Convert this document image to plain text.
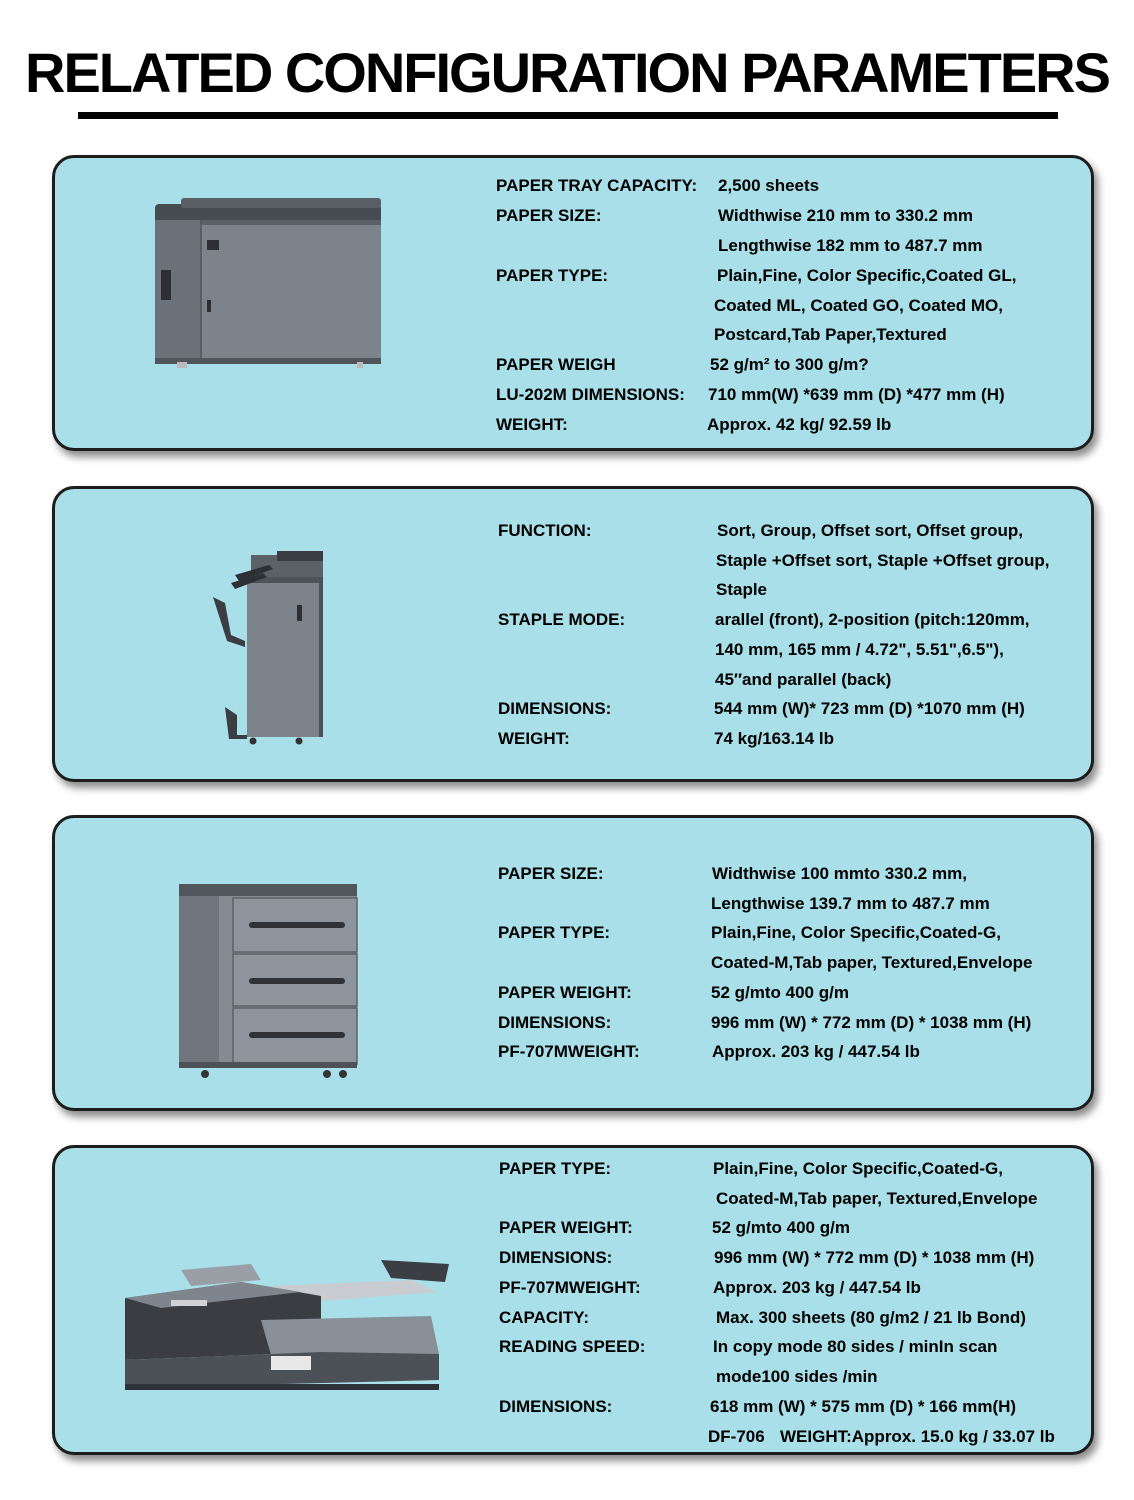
RELATED CONFIGURATION PARAMETERS
PAPER TRAY CAPACITY: 2,500 sheets
PAPER SIZE:	Widthwise 210 mm to 330.2 mm
Lengthwise 182 mm to 487.7 mm
PAPER TYPE:	Plain,Fine, Color Specific,Coated GL,
Coated ML, Coated GO, Coated MO,
Postcard,Tab Paper,Textured
PAPER WEIGH	52 g/m² to 300 g/m?
LU-202M DIMENSIONS: 710 mm(W) *639 mm (D) *477 mm (H)
WEIGHT:	Approx. 42 kg/ 92.59 lb
FUNCTION:	Sort, Group, Offset sort, Offset group,
Staple +Offset sort, Staple +Offset group,
Staple
STAPLE MODE:	arallel (front), 2-position (pitch:120mm,
140 mm, 165 mm / 4.72", 5.51",6.5"),
45″and parallel (back)
DIMENSIONS:	544 mm (W)* 723 mm (D) *1070 mm (H)
WEIGHT:	74 kg/163.14 lb
PAPER SIZE:	Widthwise 100 mmto 330.2 mm,
Lengthwise 139.7 mm to 487.7 mm
PAPER TYPE:	Plain,Fine, Color Specific,Coated-G,
Coated-M,Tab paper, Textured,Envelope
PAPER WEIGHT:	52 g/mto 400 g/m
DIMENSIONS:	996 mm (W) * 772 mm (D) * 1038 mm (H)
PF-707MWEIGHT:	Approx. 203 kg / 447.54 lb
PAPER TYPE:	Plain,Fine, Color Specific,Coated-G,
Coated-M,Tab paper, Textured,Envelope
PAPER WEIGHT:	52 g/mto 400 g/m
DIMENSIONS:	996 mm (W) * 772 mm (D) * 1038 mm (H)
PF-707MWEIGHT:	Approx. 203 kg / 447.54 lb
CAPACITY:	Max. 300 sheets (80 g/m2 / 21 lb Bond)
READING SPEED:	In copy mode 80 sides / minIn scan
mode100 sides /min
DIMENSIONS:	618 mm (W) * 575 mm (D) * 166 mm(H)
DF-706 WEIGHT:Approx. 15.0 kg / 33.07 lb
